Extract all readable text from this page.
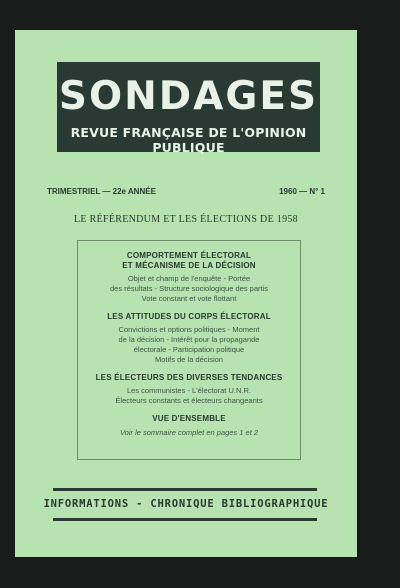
SONDAGES
REVUE FRANÇAISE DE L'OPINION PUBLIQUE
TRIMESTRIEL — 22e ANNÉE	1960 — N° 1
LE RÉFÉRENDUM ET LES ÉLECTIONS DE 1958
COMPORTEMENT ÉLECTORAL
ET MÉCANISME DE LA DÉCISION
Objet et champ de l'enquête - Portée
des résultats - Structure sociologique des partis
Vote constant et vote flottant
LES ATTITUDES DU CORPS ÉLECTORAL
Convictions et options politiques - Moment
de la décision - Intérêt pour la propagande
électorale - Participation politique
Motifs de la décision
LES ÉLECTEURS DES DIVERSES TENDANCES
Les communistes - L'électorat U.N.R.
Électeurs constants et électeurs changeants
VUE D'ENSEMBLE
Voir le sommaire complet en pages 1 et 2
INFORMATIONS - CHRONIQUE BIBLIOGRAPHIQUE
